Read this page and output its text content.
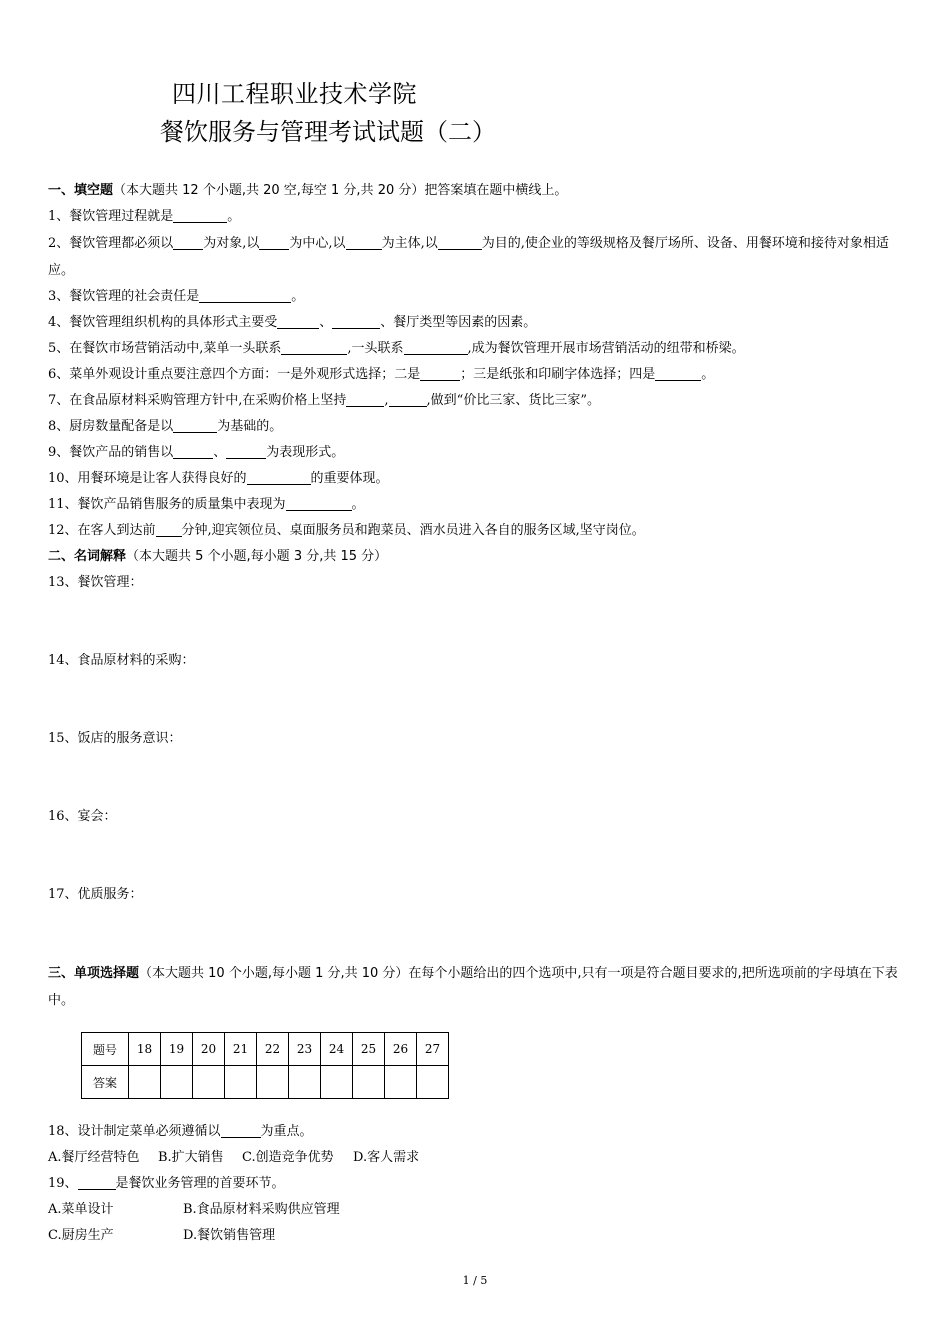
四川工程职业技术学院
餐饮服务与管理考试试题（二）
一、填空题（本大题共 12 个小题,共 20 空,每空 1 分,共 20 分）把答案填在题中横线上。
1、餐饮管理过程就是	。
2、餐饮管理都必须以 为对象,以 为中心,以	为主体,以	为目的,使企业的等级规格及餐厅场所、设备、用餐环境和接待对象相适应。
3、餐饮管理的社会责任是	。
4、餐饮管理组织机构的具体形式主要受	、	、餐厅类型等因素的因素。
5、在餐饮市场营销活动中,菜单一头联系	,一头联系	,成为餐饮管理开展市场营销活动的纽带和桥梁。
6、菜单外观设计重点要注意四个方面：一是外观形式选择；二是	；三是纸张和印刷字体选择；四是	。
7、在食品原材料采购管理方针中,在采购价格上坚持	,	,做到“价比三家、货比三家”。
8、厨房数量配备是以	为基础的。
9、餐饮产品的销售以	、	为表现形式。
10、用餐环境是让客人获得良好的	的重要体现。
11、餐饮产品销售服务的质量集中表现为	。
12、在客人到达前 分钟,迎宾领位员、桌面服务员和跑菜员、酒水员进入各自的服务区域,坚守岗位。
二、名词解释（本大题共 5 个小题,每小题 3 分,共 15 分）
13、餐饮管理：
14、食品原材料的采购：
15、饭店的服务意识：
16、宴会：
17、优质服务：
三、单项选择题（本大题共 10 个小题,每小题 1 分,共 10 分）在每个小题给出的四个选项中,只有一项是符合题目要求的,把所选项前的字母填在下表中。
题号	18	19	20	21	22	23	24	25	26	27
答案										
18、设计制定菜单必须遵循以	为重点。
A.餐厅经营特色 B.扩大销售 C.创造竞争优势 D.客人需求
19、	是餐饮业务管理的首要环节。
A.菜单设计	B.食品原材料采购供应管理
C.厨房生产	D.餐饮销售管理
1 / 5
